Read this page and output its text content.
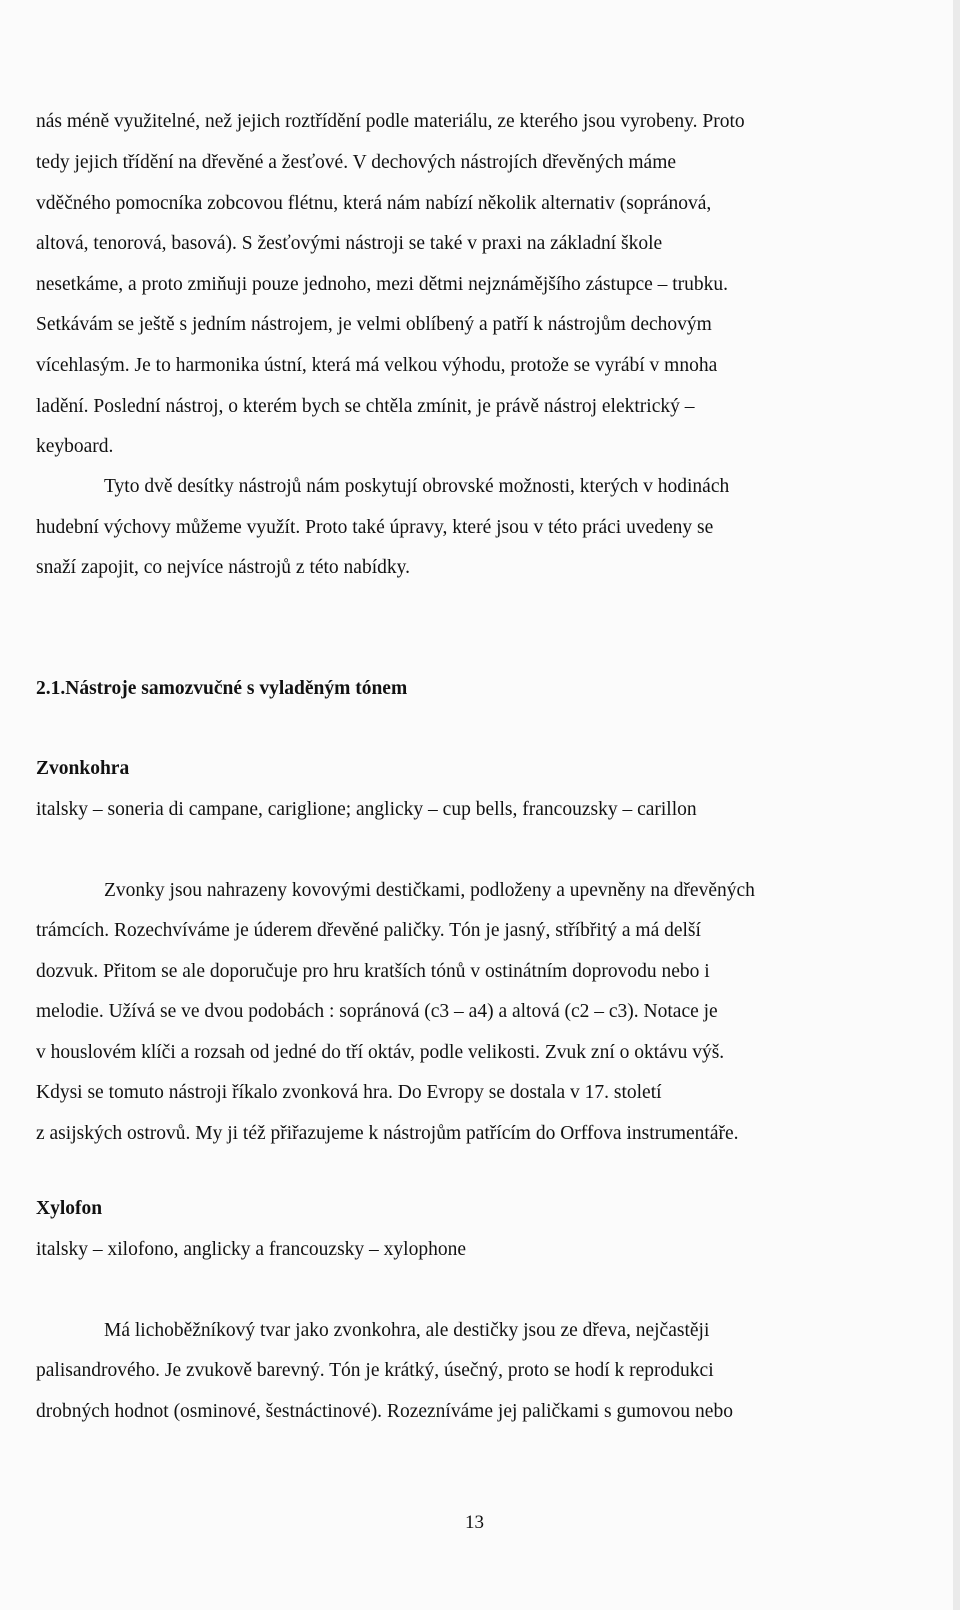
nás méně využitelné, než jejich roztřídění podle materiálu, ze kterého jsou vyrobeny. Proto
tedy jejich třídění na dřevěné a žesťové. V dechových nástrojích dřevěných máme
vděčného pomocníka zobcovou flétnu, která nám nabízí několik alternativ (sopránová,
altová, tenorová, basová). S žesťovými nástroji se také v praxi na základní škole
nesetkáme, a proto zmiňuji pouze jednoho, mezi dětmi nejznámějšího zástupce – trubku.
Setkávám se ještě s jedním nástrojem, je velmi oblíbený a patří k nástrojům dechovým
vícehlasým. Je to harmonika ústní, která má velkou výhodu, protože se vyrábí v mnoha
ladění. Poslední nástroj, o kterém bych se chtěla zmínit, je právě nástroj elektrický –
keyboard.
Tyto dvě desítky nástrojů nám poskytují obrovské možnosti, kterých v hodinách
hudební výchovy můžeme využít. Proto také úpravy, které jsou v této práci uvedeny se
snaží zapojit, co nejvíce nástrojů z této nabídky.
2.1.Nástroje samozvučné s vyladěným tónem
Zvonkohra
italsky – soneria di campane, cariglione; anglicky – cup bells, francouzsky – carillon
Zvonky jsou nahrazeny kovovými destičkami, podloženy a upevněny na dřevěných
trámcích. Rozechvíváme je úderem dřevěné paličky. Tón je jasný, stříbřitý a má delší
dozvuk. Přitom se ale doporučuje pro hru kratších tónů v ostinátním doprovodu nebo i
melodie. Užívá se ve dvou podobách : sopránová (c3 – a4) a altová (c2 – c3). Notace je
v houslovém klíči a rozsah od jedné do tří oktáv, podle velikosti. Zvuk zní o oktávu výš.
Kdysi se tomuto nástroji říkalo zvonková hra. Do Evropy se dostala v 17. století
z asijských ostrovů. My ji též přiřazujeme k nástrojům patřícím do Orffova instrumentáře.
Xylofon
italsky – xilofono, anglicky a francouzsky – xylophone
Má lichoběžníkový tvar jako zvonkohra, ale destičky jsou ze dřeva, nejčastěji
palisandrového. Je zvukově barevný. Tón je krátký, úsečný, proto se hodí k reprodukci
drobných hodnot (osminové, šestnáctinové). Rozezníváme jej paličkami s gumovou nebo
13
